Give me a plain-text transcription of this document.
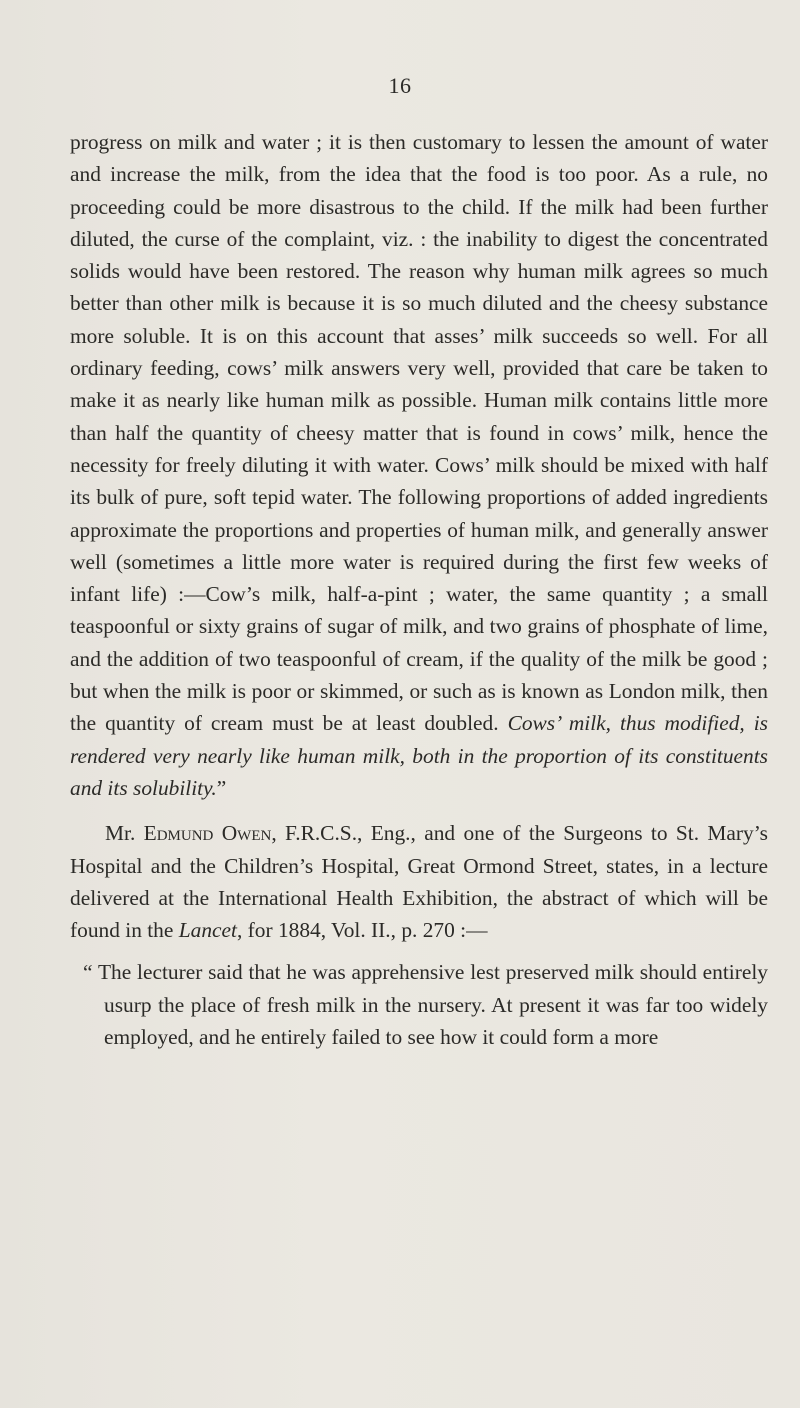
16

progress on milk and water ; it is then customary to lessen the amount of water and increase the milk, from the idea that the food is too poor. As a rule, no proceeding could be more disastrous to the child. If the milk had been further diluted, the curse of the complaint, viz. : the inability to digest the concentrated solids would have been restored. The reason why human milk agrees so much better than other milk is because it is so much diluted and the cheesy substance more soluble. It is on this account that asses’ milk succeeds so well. For all ordinary feeding, cows’ milk answers very well, provided that care be taken to make it as nearly like human milk as possible. Human milk contains little more than half the quantity of cheesy matter that is found in cows’ milk, hence the necessity for freely diluting it with water. Cows’ milk should be mixed with half its bulk of pure, soft tepid water. The following proportions of added ingredients approximate the proportions and properties of human milk, and generally answer well (sometimes a little more water is required during the first few weeks of infant life) :—Cow’s milk, half-a-pint ; water, the same quantity ; a small teaspoonful or sixty grains of sugar of milk, and two grains of phosphate of lime, and the addition of two teaspoonful of cream, if the quality of the milk be good ; but when the milk is poor or skimmed, or such as is known as London milk, then the quantity of cream must be at least doubled. Cows’ milk, thus modified, is rendered very nearly like human milk, both in the proportion of its constituents and its solubility.”

Mr. Edmund Owen, F.R.C.S., Eng., and one of the Surgeons to St. Mary’s Hospital and the Children’s Hospital, Great Ormond Street, states, in a lecture delivered at the International Health Exhibition, the abstract of which will be found in the Lancet, for 1884, Vol. II., p. 270 :—

“ The lecturer said that he was apprehensive lest preserved milk should entirely usurp the place of fresh milk in the nursery. At present it was far too widely employed, and he entirely failed to see how it could form a more
